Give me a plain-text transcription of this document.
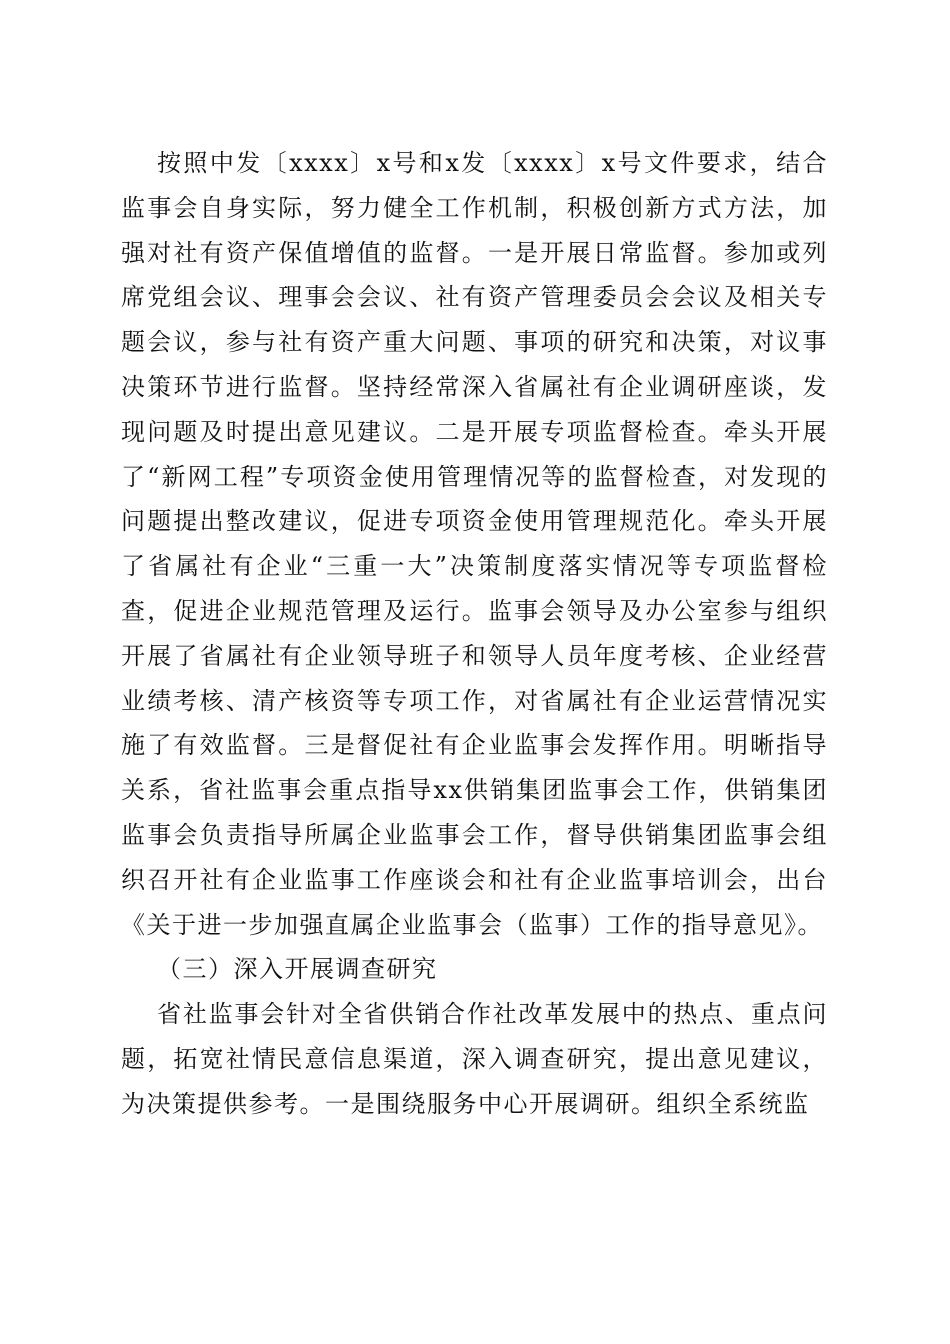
按照中发〔xxxx〕x号和x发〔xxxx〕x号文件要求，结合监事会自身实际，努力健全工作机制，积极创新方式方法，加强对社有资产保值增值的监督。一是开展日常监督。参加或列席党组会议、理事会会议、社有资产管理委员会会议及相关专题会议，参与社有资产重大问题、事项的研究和决策，对议事决策环节进行监督。坚持经常深入省属社有企业调研座谈，发现问题及时提出意见建议。二是开展专项监督检查。牵头开展了“新网工程”专项资金使用管理情况等的监督检查，对发现的问题提出整改建议，促进专项资金使用管理规范化。牵头开展了省属社有企业“三重一大”决策制度落实情况等专项监督检查，促进企业规范管理及运行。监事会领导及办公室参与组织开展了省属社有企业领导班子和领导人员年度考核、企业经营业绩考核、清产核资等专项工作，对省属社有企业运营情况实施了有效监督。三是督促社有企业监事会发挥作用。明晰指导关系，省社监事会重点指导xx供销集团监事会工作，供销集团监事会负责指导所属企业监事会工作，督导供销集团监事会组织召开社有企业监事工作座谈会和社有企业监事培训会，出台《关于进一步加强直属企业监事会（监事）工作的指导意见》。

（三）深入开展调查研究

省社监事会针对全省供销合作社改革发展中的热点、重点问题，拓宽社情民意信息渠道，深入调查研究，提出意见建议，为决策提供参考。一是围绕服务中心开展调研。组织全系统监
